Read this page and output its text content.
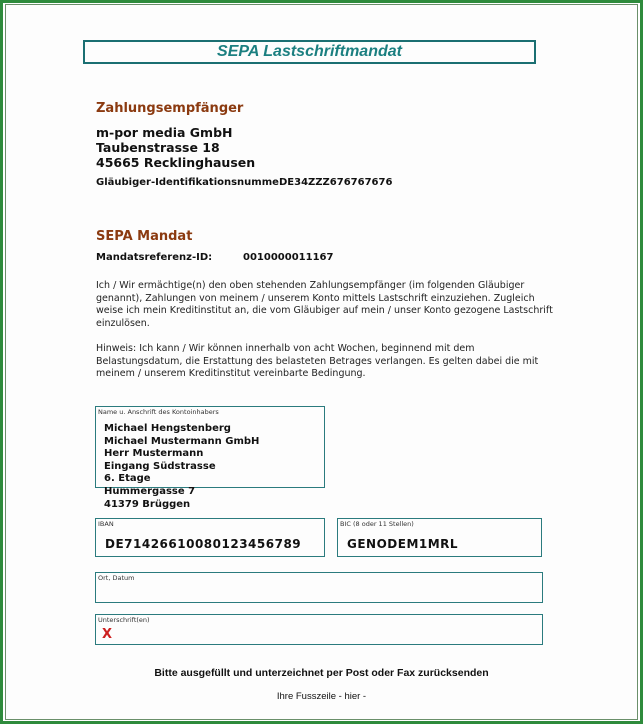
SEPA Lastschriftmandat
Zahlungsempfänger
m-por media GmbH
Taubenstrasse 18
45665 Recklinghausen
Gläubiger-Identifikationsnumme DE34ZZZ676767676
SEPA Mandat
Mandatsreferenz-ID:	0010000011167
Ich / Wir ermächtige(n) den oben stehenden Zahlungsempfänger (im folgenden Gläubiger genannt), Zahlungen von meinem / unserem Konto mittels Lastschrift einzuziehen. Zugleich weise ich mein Kreditinstitut an, die vom Gläubiger auf mein / unser Konto gezogene Lastschrift einzulösen.
Hinweis: Ich kann / Wir können innerhalb von acht Wochen, beginnend mit dem Belastungsdatum, die Erstattung des belasteten Betrages verlangen. Es gelten dabei die mit meinem / unserem Kreditinstitut vereinbarte Bedingung.
Name u. Anschrift des Kontoinhabers
Michael Hengstenberg
Michael Mustermann GmbH
Herr Mustermann
Eingang Südstrasse
6. Etage
Hummergasse 7
41379 Brüggen
IBAN
DE71426610080123456789
BIC (8 oder 11 Stellen)
GENODEM1MRL
Ort, Datum
Unterschrift(en)
X
Bitte ausgefüllt und unterzeichnet per Post oder Fax zurücksenden
Ihre Fusszeile - hier -
